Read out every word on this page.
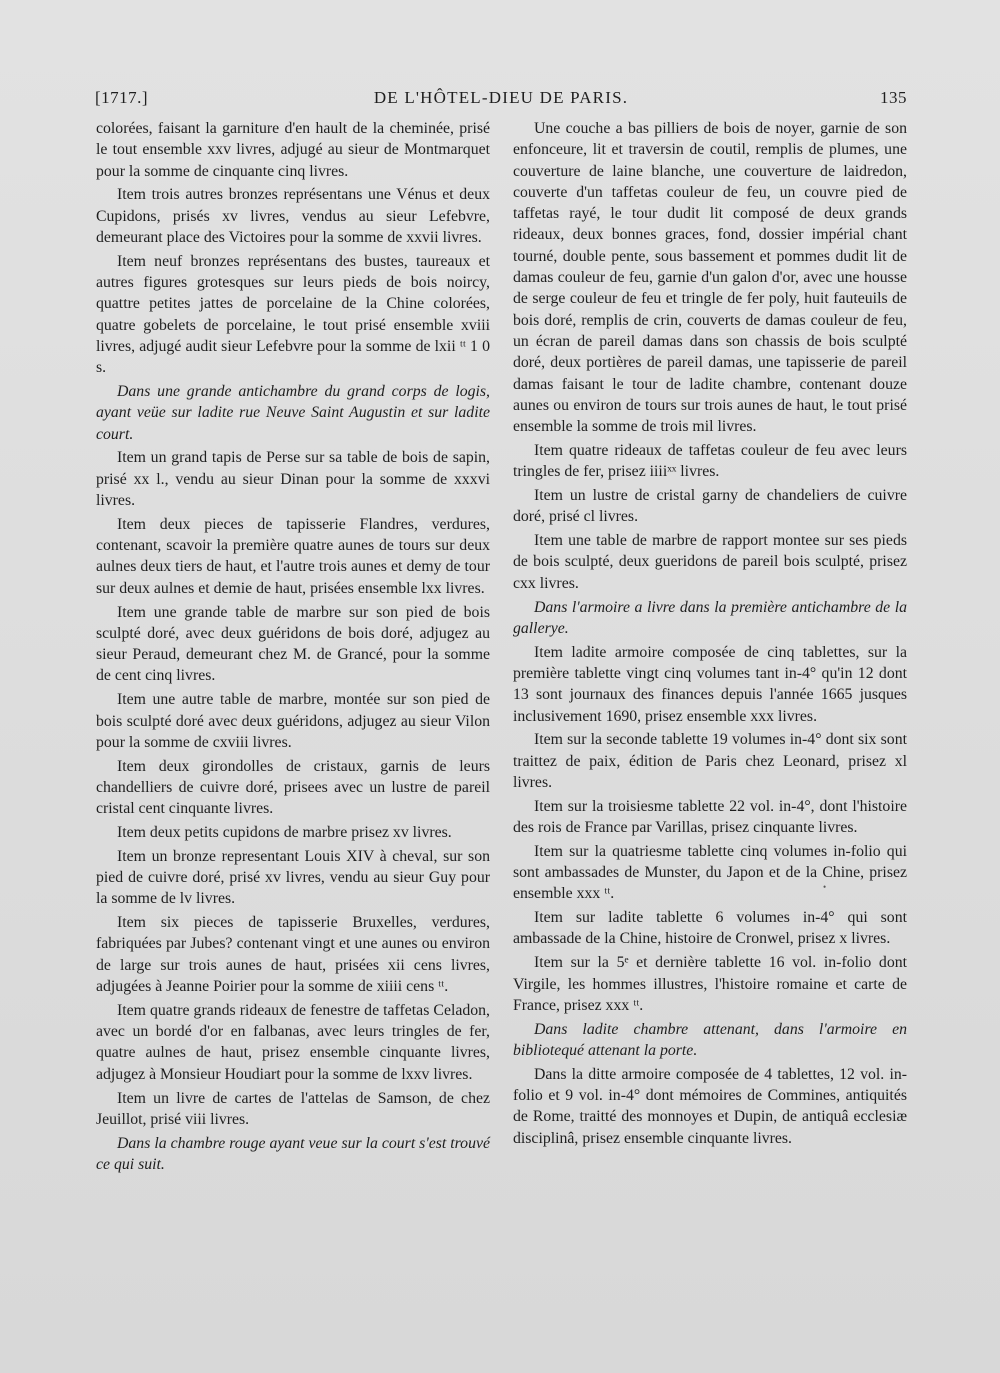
[1717.]	DE L'HÔTEL-DIEU DE PARIS.	135

colorées, faisant la garniture d'en hault de la cheminée, prisé le tout ensemble xxv livres, adjugé au sieur de Montmarquet pour la somme de cinquante cinq livres.

Item trois autres bronzes représentans une Vénus et deux Cupidons, prisés xv livres, vendus au sieur Lefebvre, demeurant place des Victoires pour la somme de xxvii livres.

Item neuf bronzes représentans des bustes, taureaux et autres figures grotesques sur leurs pieds de bois noircy, quattre petites jattes de porcelaine de la Chine colorées, quatre gobelets de porcelaine, le tout prisé ensemble xviii livres, adjugé audit sieur Lefebvre pour la somme de lxii ᵗᵗ 1 0 s.

Dans une grande antichambre du grand corps de logis, ayant veüe sur ladite rue Neuve Saint Augustin et sur ladite court.

Item un grand tapis de Perse sur sa table de bois de sapin, prisé xx l., vendu au sieur Dinan pour la somme de xxxvi livres.

Item deux pieces de tapisserie Flandres, verdures, contenant, scavoir la première quatre aunes de tours sur deux aulnes deux tiers de haut, et l'autre trois aunes et demy de tour sur deux aulnes et demie de haut, prisées ensemble lxx livres.

Item une grande table de marbre sur son pied de bois sculpté doré, avec deux guéridons de bois doré, adjugez au sieur Peraud, demeurant chez M. de Grancé, pour la somme de cent cinq livres.

Item une autre table de marbre, montée sur son pied de bois sculpté doré avec deux guéridons, adjugez au sieur Vilon pour la somme de cxviii livres.

Item deux girondolles de cristaux, garnis de leurs chandelliers de cuivre doré, prisees avec un lustre de pareil cristal cent cinquante livres.

Item deux petits cupidons de marbre prisez xv livres.

Item un bronze representant Louis XIV à cheval, sur son pied de cuivre doré, prisé xv livres, vendu au sieur Guy pour la somme de lv livres.

Item six pieces de tapisserie Bruxelles, verdures, fabriquées par Jubes? contenant vingt et une aunes ou environ de large sur trois aunes de haut, prisées xii cens livres, adjugées à Jeanne Poirier pour la somme de xiiii cens ᵗᵗ.

Item quatre grands rideaux de fenestre de taffetas Celadon, avec un bordé d'or en falbanas, avec leurs tringles de fer, quatre aulnes de haut, prisez ensemble cinquante livres, adjugez à Monsieur Houdiart pour la somme de lxxv livres.

Item un livre de cartes de l'attelas de Samson, de chez Jeuillot, prisé viii livres.

Dans la chambre rouge ayant veue sur la court s'est trouvé ce qui suit.

Une couche a bas pilliers de bois de noyer, garnie de son enfonceure, lit et traversin de coutil, remplis de plumes, une couverture de laine blanche, une couverture de laidredon, couverte d'un taffetas couleur de feu, un couvre pied de taffetas rayé, le tour dudit lit composé de deux grands rideaux, deux bonnes graces, fond, dossier impérial chant tourné, double pente, sous bassement et pommes dudit lit de damas couleur de feu, garnie d'un galon d'or, avec une housse de serge couleur de feu et tringle de fer poly, huit fauteuils de bois doré, remplis de crin, couverts de damas couleur de feu, un écran de pareil damas dans son chassis de bois sculpté doré, deux portières de pareil damas, une tapisserie de pareil damas faisant le tour de ladite chambre, contenant douze aunes ou environ de tours sur trois aunes de haut, le tout prisé ensemble la somme de trois mil livres.

Item quatre rideaux de taffetas couleur de feu avec leurs tringles de fer, prisez iiiiˣˣ livres.

Item un lustre de cristal garny de chandeliers de cuivre doré, prisé cl livres.

Item une table de marbre de rapport montee sur ses pieds de bois sculpté, deux gueridons de pareil bois sculpté, prisez cxx livres.

Dans l'armoire a livre dans la première antichambre de la gallerye.

Item ladite armoire composée de cinq tablettes, sur la première tablette vingt cinq volumes tant in-4° qu'in 12 dont 13 sont journaux des finances depuis l'année 1665 jusques inclusivement 1690, prisez ensemble xxx livres.

Item sur la seconde tablette 19 volumes in-4° dont six sont traittez de paix, édition de Paris chez Leonard, prisez xl livres.

Item sur la troisiesme tablette 22 vol. in-4°, dont l'histoire des rois de France par Varillas, prisez cinquante livres.

Item sur la quatriesme tablette cinq volumes in-folio qui sont ambassades de Munster, du Japon et de la Chine, prisez ensemble xxx ᵗᵗ.

Item sur ladite tablette 6 volumes in-4° qui sont ambassade de la Chine, histoire de Cronwel, prisez x livres.

Item sur la 5ᵉ et dernière tablette 16 vol. in-folio dont Virgile, les hommes illustres, l'histoire romaine et carte de France, prisez xxx ᵗᵗ.

Dans ladite chambre attenant, dans l'armoire en bibliotequé attenant la porte.

Dans la ditte armoire composée de 4 tablettes, 12 vol. in-folio et 9 vol. in-4° dont mémoires de Commines, antiquités de Rome, traitté des monnoyes et Dupin, de antiquâ ecclesiæ disciplinâ, prisez ensemble cinquante livres.

•
